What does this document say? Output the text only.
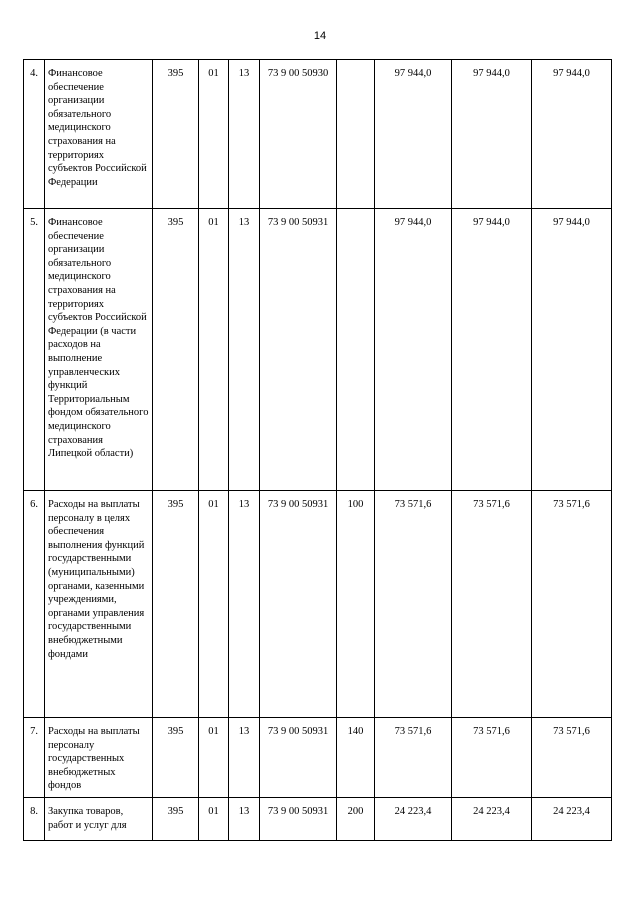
14
4.	Финансовое обеспечение организации обязательного медицинского страхования на территориях субъектов Российской Федерации	395	01	13	73 9 00 50930		97 944,0	97 944,0	97 944,0
5.	Финансовое обеспечение организации обязательного медицинского страхования на территориях субъектов Российской Федерации (в части расходов на выполнение управленческих функций Территориальным фондом обязательного медицинского страхования Липецкой области)	395	01	13	73 9 00 50931		97 944,0	97 944,0	97 944,0
6.	Расходы на выплаты персоналу в целях обеспечения выполнения функций государственными (муниципальными) органами, казенными учреждениями, органами управления государственными внебюджетными фондами	395	01	13	73 9 00 50931	100	73 571,6	73 571,6	73 571,6
7.	Расходы на выплаты персоналу государственных внебюджетных фондов	395	01	13	73 9 00 50931	140	73 571,6	73 571,6	73 571,6
8.	Закупка товаров, работ и услуг для	395	01	13	73 9 00 50931	200	24 223,4	24 223,4	24 223,4
